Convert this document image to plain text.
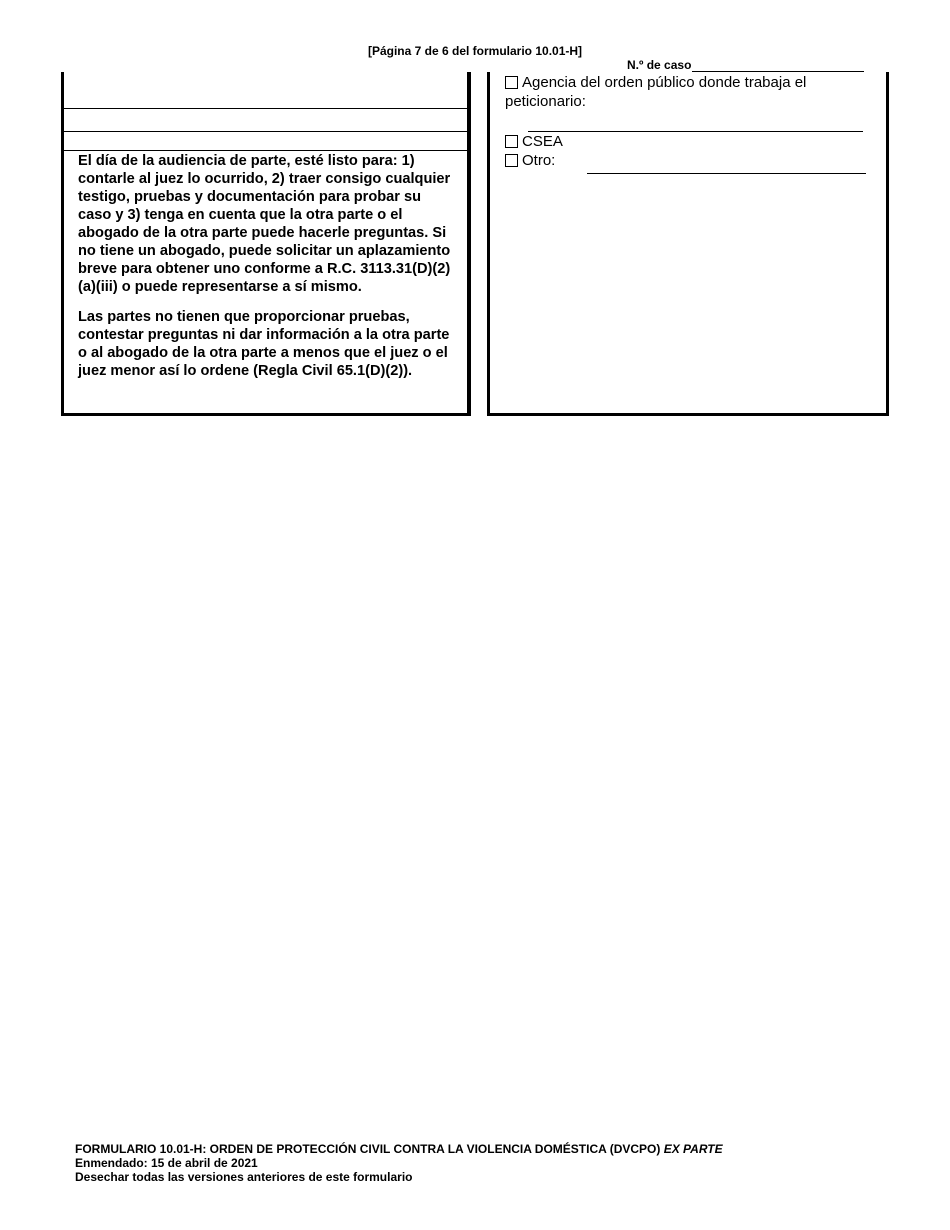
[Página 7 de 6 del formulario 10.01-H]
N.º de caso

El día de la audiencia de parte, esté listo para: 1) contarle al juez lo ocurrido, 2) traer consigo cualquier testigo, pruebas y documentación para probar su caso y 3) tenga en cuenta que la otra parte o el abogado de la otra parte puede hacerle preguntas. Si no tiene un abogado, puede solicitar un aplazamiento breve para obtener uno conforme a R.C. 3113.31(D)(2)(a)(iii) o puede representarse a sí mismo.

Las partes no tienen que proporcionar pruebas, contestar preguntas ni dar información a la otra parte o al abogado de la otra parte a menos que el juez o el juez menor así lo ordene (Regla Civil 65.1(D)(2)).

Agencia del orden público donde trabaja el peticionario:
CSEA
Otro:
FORMULARIO 10.01-H: ORDEN DE PROTECCIÓN CIVIL CONTRA LA VIOLENCIA DOMÉSTICA (DVCPO) EX PARTE
Enmendado: 15 de abril de 2021
Desechar todas las versiones anteriores de este formulario
